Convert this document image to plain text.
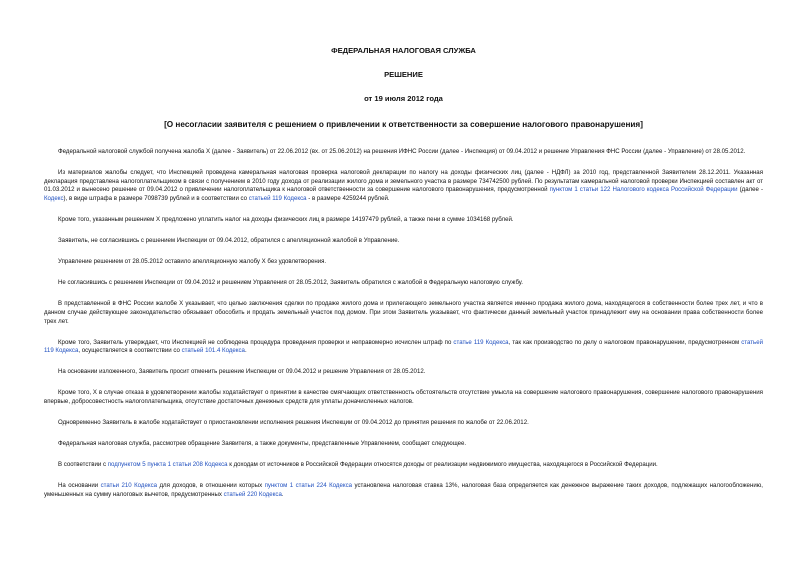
ФЕДЕРАЛЬНАЯ НАЛОГОВАЯ СЛУЖБА
РЕШЕНИЕ
от 19 июля 2012 года
[О несогласии заявителя с решением о привлечении к ответственности за совершение налогового правонарушения]

Федеральной налоговой службой получена жалоба Х (далее - Заявитель) от 22.06.2012 (вх. от 25.06.2012) на решения ИФНС России (далее - Инспекция) от 09.04.2012 и решение Управления ФНС России (далее - Управление) от 28.05.2012.

Из материалов жалобы следует, что Инспекцией проведена камеральная налоговая проверка налоговой декларации по налогу на доходы физических лиц (далее - НДФЛ) за 2010 год, представленной Заявителем 28.12.2011. Указанная декларация представлена налогоплательщиком в связи с получением в 2010 году дохода от реализации жилого дома и земельного участка в размере 734742500 рублей. По результатам камеральной налоговой проверки Инспекцией составлен акт от 01.03.2012 и вынесено решение от 09.04.2012 о привлечении налогоплательщика к налоговой ответственности за совершение налогового правонарушения, предусмотренной пунктом 1 статьи 122 Налогового кодекса Российской Федерации (далее - Кодекс), в виде штрафа в размере 7098739 рублей и в соответствии со статьей 119 Кодекса - в размере 4259244 рублей.

Кроме того, указанным решением Х предложено уплатить налог на доходы физических лиц в размере 14197479 рублей, а также пени в сумме 1034168 рублей.

Заявитель, не согласившись с решением Инспекции от 09.04.2012, обратился с апелляционной жалобой в Управление.

Управление решением от 28.05.2012 оставило апелляционную жалобу Х без удовлетворения.

Не согласившись с решением Инспекции от 09.04.2012 и решением Управления от 28.05.2012, Заявитель обратился с жалобой в Федеральную налоговую службу.

В представленной в ФНС России жалобе Х указывает, что целью заключения сделки по продаже жилого дома и прилегающего земельного участка является именно продажа жилого дома, находящегося в собственности более трех лет, и что в данном случае действующее законодательство обязывает обособить и продать земельный участок под домом. При этом Заявитель указывает, что фактически данный земельный участок принадлежит ему на основании права собственности более трех лет.

Кроме того, Заявитель утверждает, что Инспекцией не соблюдена процедура проведения проверки и неправомерно исчислен штраф по статье 119 Кодекса, так как производство по делу о налоговом правонарушении, предусмотренном статьей 119 Кодекса, осуществляется в соответствии со статьей 101.4 Кодекса.

На основании изложенного, Заявитель просит отменить решение Инспекции от 09.04.2012 и решение Управления от 28.05.2012.

Кроме того, Х в случае отказа в удовлетворении жалобы ходатайствует о принятии в качестве смягчающих ответственность обстоятельств отсутствие умысла на совершение налогового правонарушения, совершение налогового правонарушения впервые, добросовестность налогоплательщика, отсутствие достаточных денежных средств для уплаты доначисленных налогов.

Одновременно Заявитель в жалобе ходатайствует о приостановлении исполнения решения Инспекции от 09.04.2012 до принятия решения по жалобе от 22.06.2012.

Федеральная налоговая служба, рассмотрев обращение Заявителя, а также документы, представленные Управлением, сообщает следующее.

В соответствии с подпунктом 5 пункта 1 статьи 208 Кодекса к доходам от источников в Российской Федерации относятся доходы от реализации недвижимого имущества, находящегося в Российской Федерации.

На основании статьи 210 Кодекса для доходов, в отношении которых пунктом 1 статьи 224 Кодекса установлена налоговая ставка 13%, налоговая база определяется как денежное выражение таких доходов, подлежащих налогообложению, уменьшенных на сумму налоговых вычетов, предусмотренных статьей 220 Кодекса.
